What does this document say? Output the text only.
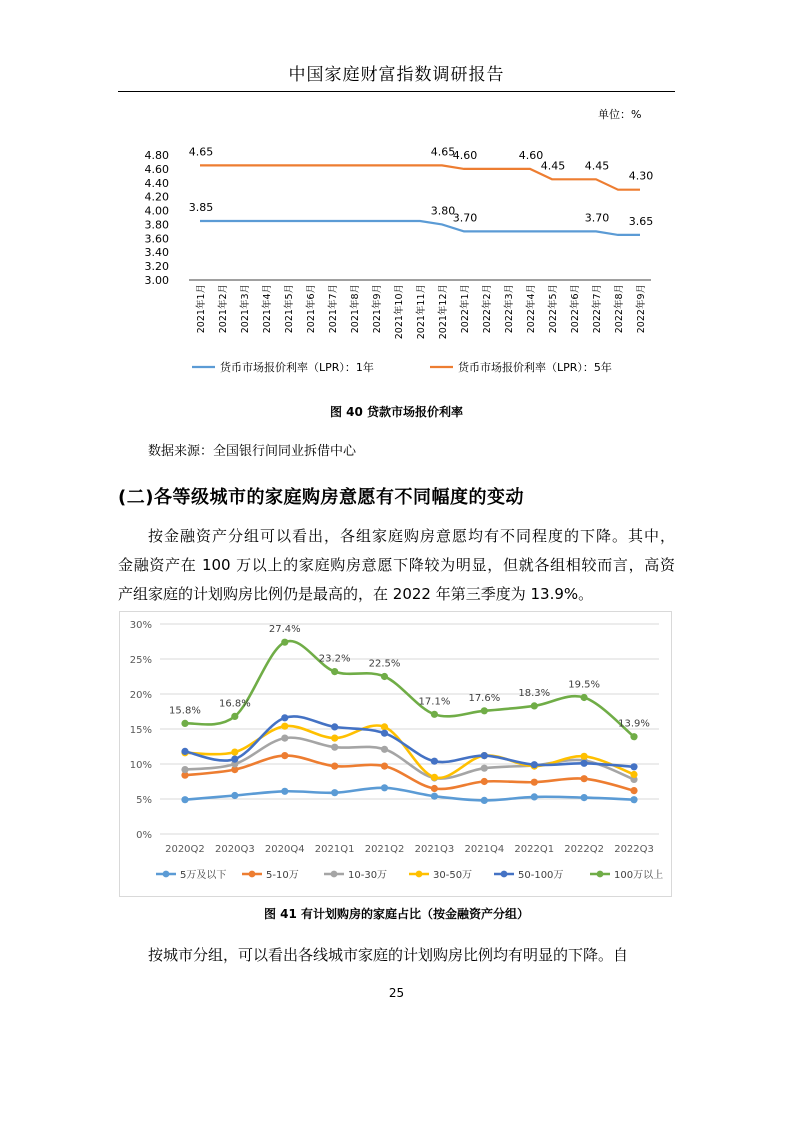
中国家庭财富指数调研报告
单位：%
4.80
4.60
4.40
4.20
4.00
3.80
3.60
3.40
3.20
3.00
2021年1月 2021年2月 2021年3月 2021年4月 2021年5月 2021年6月 2021年7月 2021年8月 2021年9月 2021年10月 2021年11月 2021年12月 2022年1月 2022年2月 2022年3月 2022年4月 2022年5月 2022年6月 2022年7月 2022年8月 2022年9月
4.65	4.65
4.60	4.60
4.45 4.45
4.30
3.85	3.80
3.70	3.70 3.65
货币市场报价利率（LPR）：1年	货币市场报价利率（LPR）：5年
图 40 贷款市场报价利率
数据来源：全国银行间同业拆借中心
(二)各等级城市的家庭购房意愿有不同幅度的变动
按金融资产分组可以看出，各组家庭购房意愿均有不同程度的下降。其中，
金融资产在 100 万以上的家庭购房意愿下降较为明显，但就各组相较而言，高资
产组家庭的计划购房比例仍是最高的，在 2022 年第三季度为 13.9%。
30%
25%
20%
15%
10%
5%
0%
2020Q2 2020Q3 2020Q4 2021Q1 2021Q2 2021Q3 2021Q4 2022Q1 2022Q2 2022Q3
15.8%
16.8%
27.4%
23.2% 22.5%
17.1% 17.6% 18.3%
19.5%
13.9%
5万及以下	5-10万	10-30万	30-50万	50-100万	100万以上
图 41 有计划购房的家庭占比（按金融资产分组）
按城市分组，可以看出各线城市家庭的计划购房比例均有明显的下降。自
25
